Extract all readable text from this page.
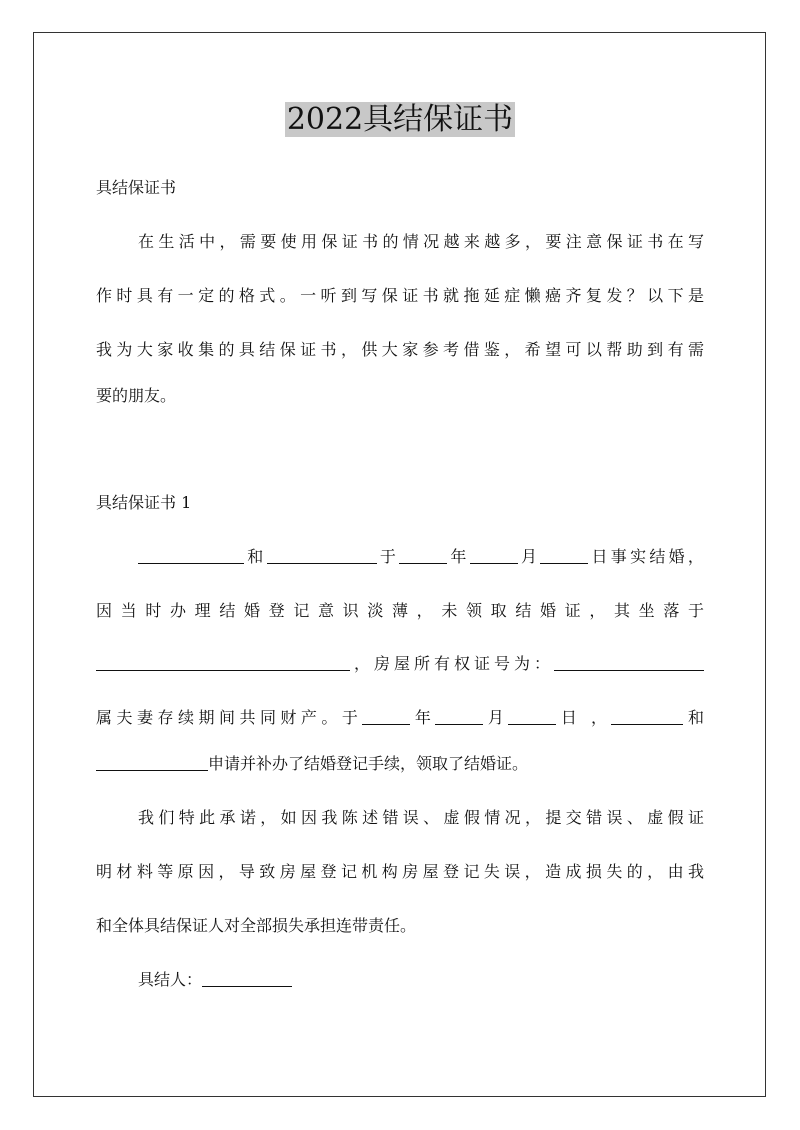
2022具结保证书
具结保证书
在生活中，需要使用保证书的情况越来越多，要注意保证书在写
作时具有一定的格式。一听到写保证书就拖延症懒癌齐复发？以下是
我为大家收集的具结保证书，供大家参考借鉴，希望可以帮助到有需
要的朋友。
具结保证书 1
和	于	年	月	日事实结婚，
因当时办理结婚登记意识淡薄，未领取结婚证，其坐落于
，房屋所有权证号为：
属夫妻存续期间共同财产。于	年	月	日 ，	和
申请并补办了结婚登记手续，领取了结婚证。
我们特此承诺，如因我陈述错误、虚假情况，提交错误、虚假证
明材料等原因，导致房屋登记机构房屋登记失误，造成损失的，由我
和全体具结保证人对全部损失承担连带责任。
具结人：
